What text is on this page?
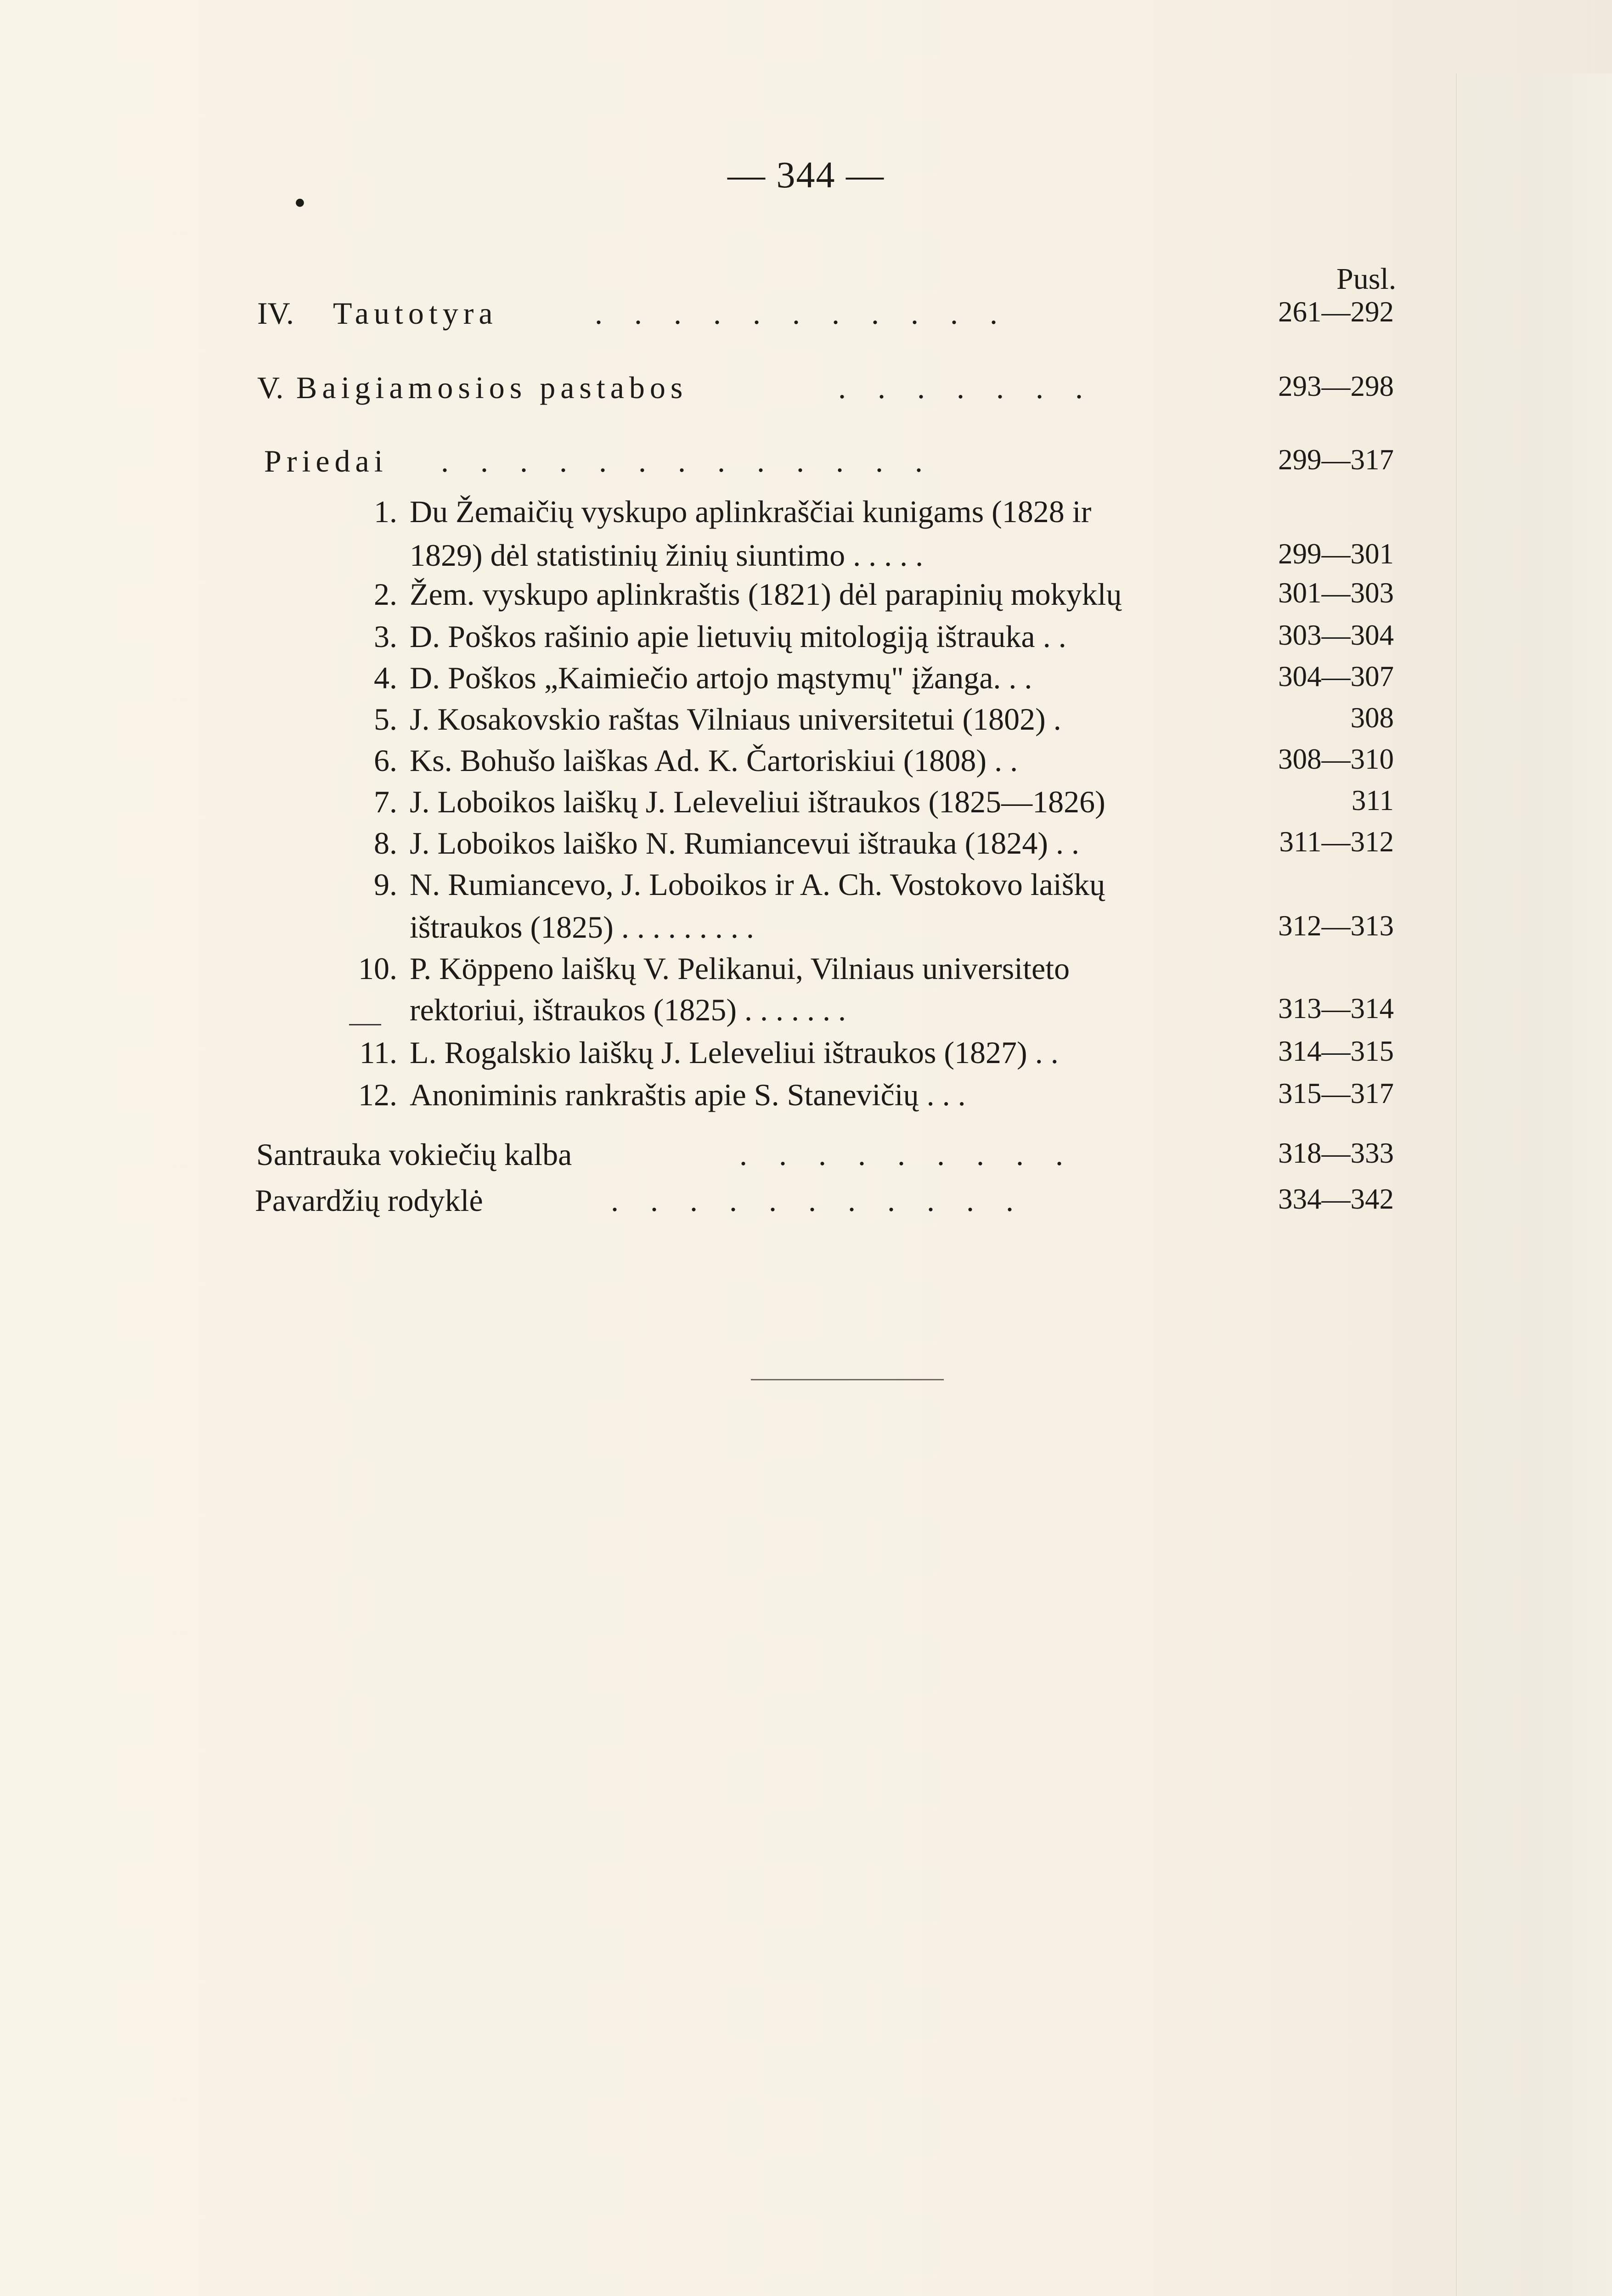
•
— 344 —
Pusl.
IV. Tautotyra	. . . . . . . . . . .	261—292
V. Baigiamosios pastabos	. . . . . . .	293—298
Priedai . . . . . . . . . . . . .	299—317
1. Du Žemaičių vyskupo aplinkraščiai kunigams (1828 ir
1829) dėl statistinių žinių siuntimo . . . . .	299—301
2. Žem. vyskupo aplinkraštis (1821) dėl parapinių mokyklų	301—303
3. D. Poškos rašinio apie lietuvių mitologiją ištrauka . .	303—304
4. D. Poškos „Kaimiečio artojo mąstymų" įžanga. . .	304—307
5. J. Kosakovskio raštas Vilniaus universitetui (1802) .	308
6. Ks. Bohušo laiškas Ad. K. Čartoriskiui (1808) . .	308—310
7. J. Loboikos laiškų J. Leleveliui ištraukos (1825—1826)	311
8. J. Loboikos laiško N. Rumiancevui ištrauka (1824) . .	311—312
9. N. Rumiancevo, J. Loboikos ir A. Ch. Vostokovo laiškų
ištraukos (1825) . . . . . . . . .	312—313
10. P. Köppeno laiškų V. Pelikanui, Vilniaus universiteto
rektoriui, ištraukos (1825) . . . . . . .	313—314
11. L. Rogalskio laiškų J. Leleveliui ištraukos (1827) . .	314—315
12. Anoniminis rankraštis apie S. Stanevičių . . .	315—317
Santrauka vokiečių kalba	. . . . . . . . .	318—333
Pavardžių rodyklė	. . . . . . . . . . .	334—342
